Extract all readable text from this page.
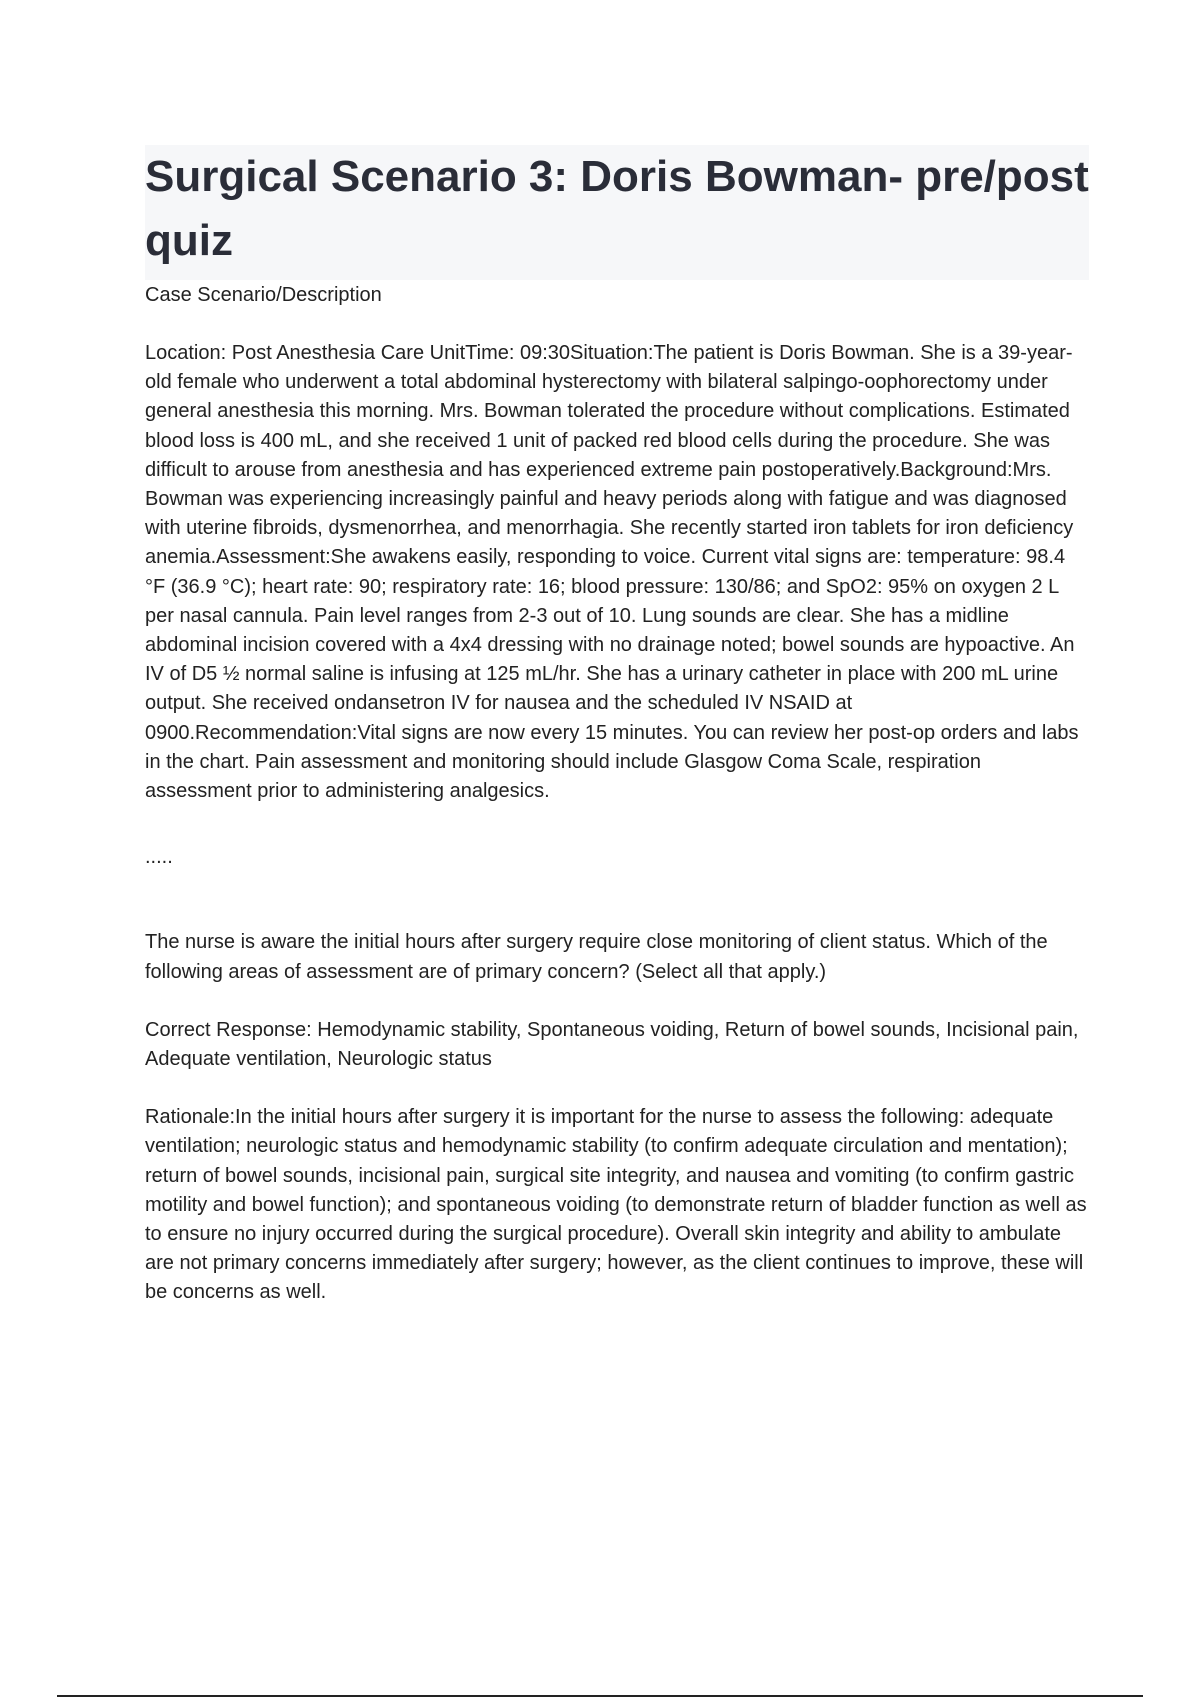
Surgical Scenario 3: Doris Bowman- pre/post quiz
Case Scenario/Description

Location: Post Anesthesia Care UnitTime: 09:30Situation:The patient is Doris Bowman. She is a 39-year-old female who underwent a total abdominal hysterectomy with bilateral salpingo-oophorectomy under general anesthesia this morning. Mrs. Bowman tolerated the procedure without complications. Estimated blood loss is 400 mL, and she received 1 unit of packed red blood cells during the procedure. She was difficult to arouse from anesthesia and has experienced extreme pain postoperatively.Background:Mrs. Bowman was experiencing increasingly painful and heavy periods along with fatigue and was diagnosed with uterine fibroids, dysmenorrhea, and menorrhagia. She recently started iron tablets for iron deficiency anemia.Assessment:She awakens easily, responding to voice. Current vital signs are: temperature: 98.4 °F (36.9 °C); heart rate: 90; respiratory rate: 16; blood pressure: 130/86; and SpO2: 95% on oxygen 2 L per nasal cannula. Pain level ranges from 2-3 out of 10. Lung sounds are clear. She has a midline abdominal incision covered with a 4x4 dressing with no drainage noted; bowel sounds are hypoactive. An IV of D5 ½ normal saline is infusing at 125 mL/hr. She has a urinary catheter in place with 200 mL urine output. She received ondansetron IV for nausea and the scheduled IV NSAID at 0900.Recommendation:Vital signs are now every 15 minutes. You can review her post-op orders and labs in the chart. Pain assessment and monitoring should include Glasgow Coma Scale, respiration assessment prior to administering analgesics.

.....

The nurse is aware the initial hours after surgery require close monitoring of client status. Which of the following areas of assessment are of primary concern? (Select all that apply.)

Correct Response: Hemodynamic stability, Spontaneous voiding, Return of bowel sounds, Incisional pain, Adequate ventilation, Neurologic status

Rationale:In the initial hours after surgery it is important for the nurse to assess the following: adequate ventilation; neurologic status and hemodynamic stability (to confirm adequate circulation and mentation); return of bowel sounds, incisional pain, surgical site integrity, and nausea and vomiting (to confirm gastric motility and bowel function); and spontaneous voiding (to demonstrate return of bladder function as well as to ensure no injury occurred during the surgical procedure). Overall skin integrity and ability to ambulate are not primary concerns immediately after surgery; however, as the client continues to improve, these will be concerns as well.
